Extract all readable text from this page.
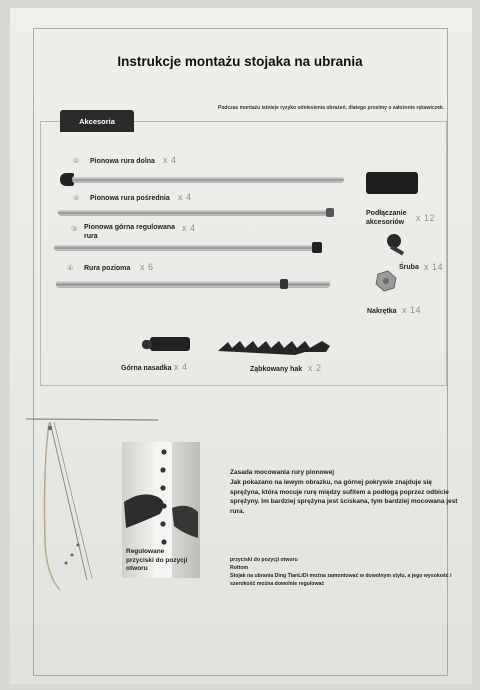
Instrukcje montażu stojaka na ubrania
Podczas montażu istnieje ryzyko odniesienia obrażeń, dlatego prosimy o założenie rękawiczek.
Akcesoria
① Pionowa rura dolna x 4
② Pionowa rura pośrednia x 4
③ Pionowa górna regulowana rura
x 4
④ Rura pozioma x 6
Podłączanie akcesoriów	x 12
Śruba x 14
Nakrętka x 14
Górna nasadka x 4	Ząbkowany hak x 2
Regulowane przyciski do pozycji otworu
Zasada mocowania rury pionowej
Jak pokazano na lewym obrazku, na górnej pokrywie znajduje się sprężyna, która mocuje rurę między sufitem a podłogą poprzez odbicie sprężyny. Im bardziej sprężyna jest ściskana, tym bardziej mocowana jest rura.
przyciski do pozycji otworu
Rottom
Stojak na ubrania Ding TianLiDi można zamontować w dowolnym stylu, a jego wysokość i szerokość można dowolnie regulować
